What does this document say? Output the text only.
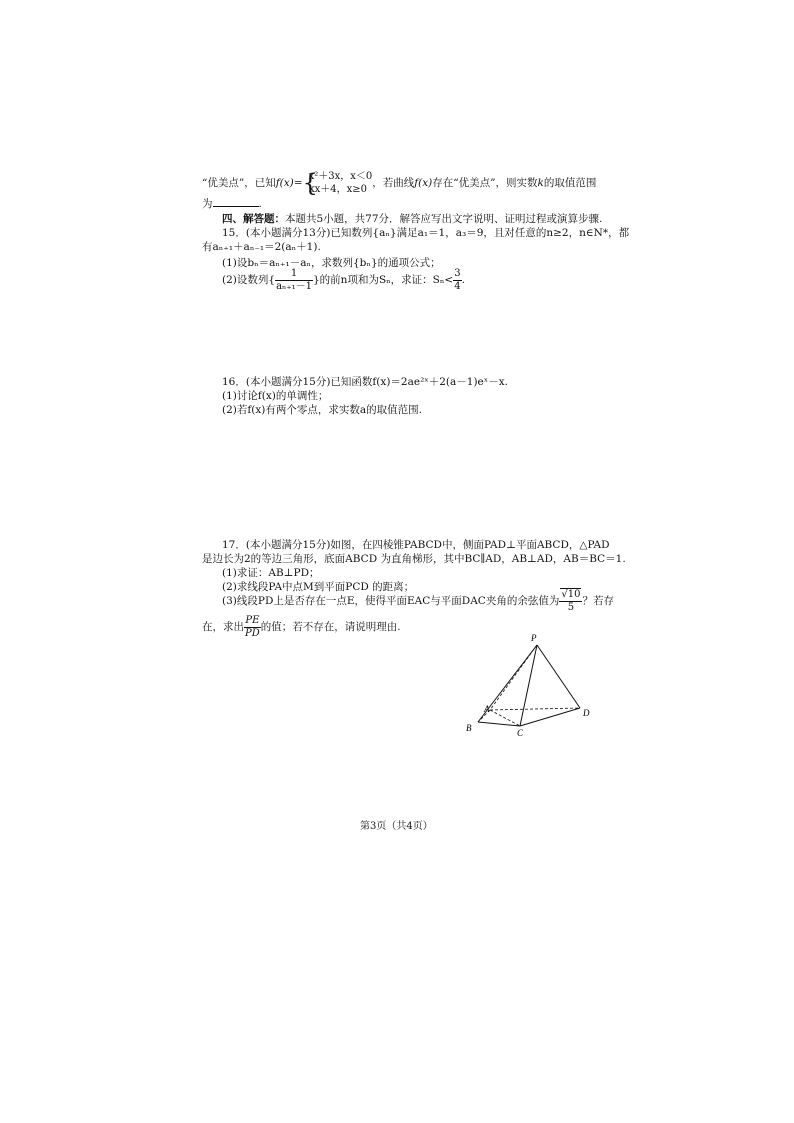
“优美点”，已知f(x)= {
x²＋3x，x＜0
kx＋4，x≥0
，若曲线f(x)存在“优美点”，则实数k的取值范围
为	.
四、解答题：本题共5小题，共77分．解答应写出文字说明、证明过程或演算步骤.
15．(本小题满分13分)已知数列{aₙ}满足a₁＝1，a₃＝9，且对任意的n≥2，n∈N*，都
有aₙ₊₁＋aₙ₋₁＝2(aₙ＋1).
(1)设bₙ＝aₙ₊₁－aₙ，求数列{bₙ}的通项公式；
(2)设数列{ $\frac{1}{\text{aₙ₊₁－1}}$ }的前n项和为Sₙ，求证：$S_n< \frac{3}{4}$ .
16．(本小题满分15分)已知函数f(x)＝2ae²ˣ＋2(a－1)eˣ－x.
(1)讨论f(x)的单调性；
(2)若f(x)有两个零点，求实数a的取值范围.
17．(本小题满分15分)如图，在四棱锥PABCD中，侧面PAD⊥平面ABCD，△PAD
是边长为2的等边三角形，底面ABCD 为直角梯形，其中BC∥AD，AB⊥AD，AB＝BC＝1.
(1)求证：AB⊥PD；
(2)求线段PA中点M到平面PCD 的距离；
(3)线段PD上是否存在一点E，使得平面EAC与平面DAC夹角的余弦值为 $\frac{√10}{5}$ ？若存
在，求出 $\frac{PE}{PD}$ 的值；若不存在，请说明理由.
P
A
B	C
D
第3页（共4页）
